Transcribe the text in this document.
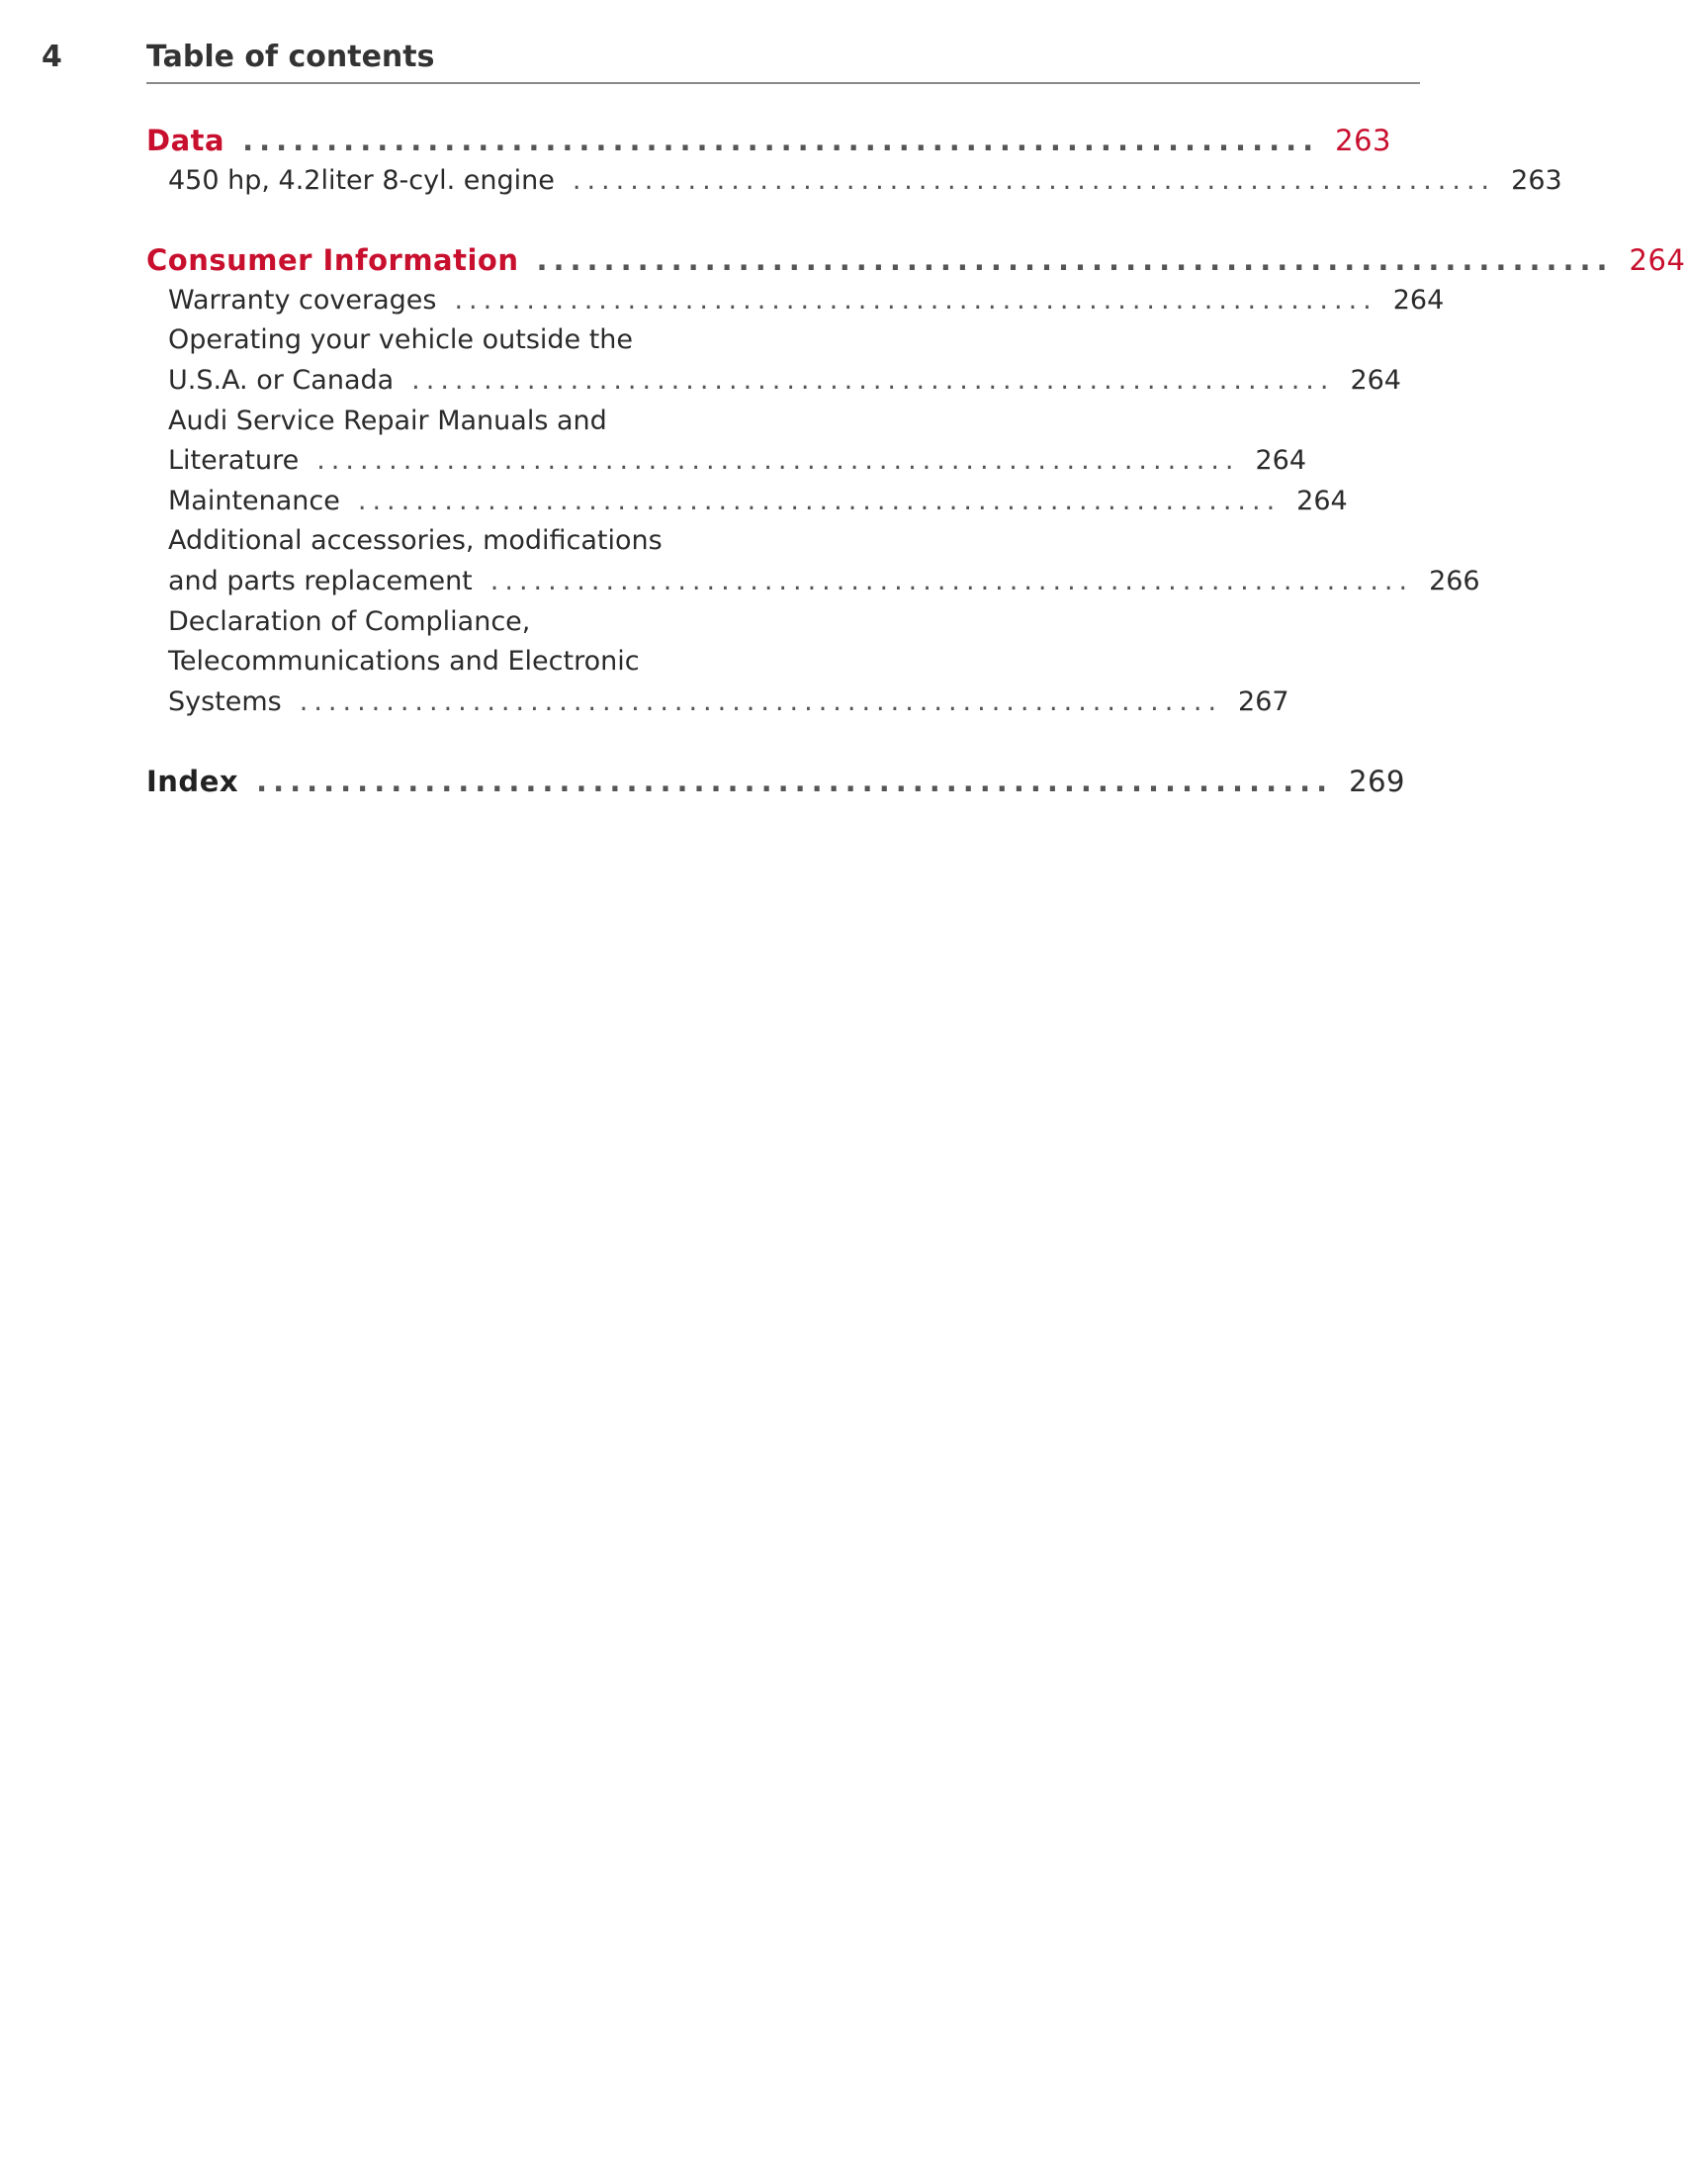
4	Table of contents
Data ................................................................ 263
450 hp, 4.2liter 8-cyl. engine ................................................................ 263
Consumer Information ................................................................ 264
Warranty coverages ................................................................ 264
Operating your vehicle outside the
U.S.A. or Canada ................................................................ 264
Audi Service Repair Manuals and
Literature ................................................................ 264
Maintenance ................................................................ 264
Additional accessories, modifications
and parts replacement ................................................................ 266
Declaration of Compliance,
Telecommunications and Electronic
Systems ................................................................ 267
Index ................................................................ 269
